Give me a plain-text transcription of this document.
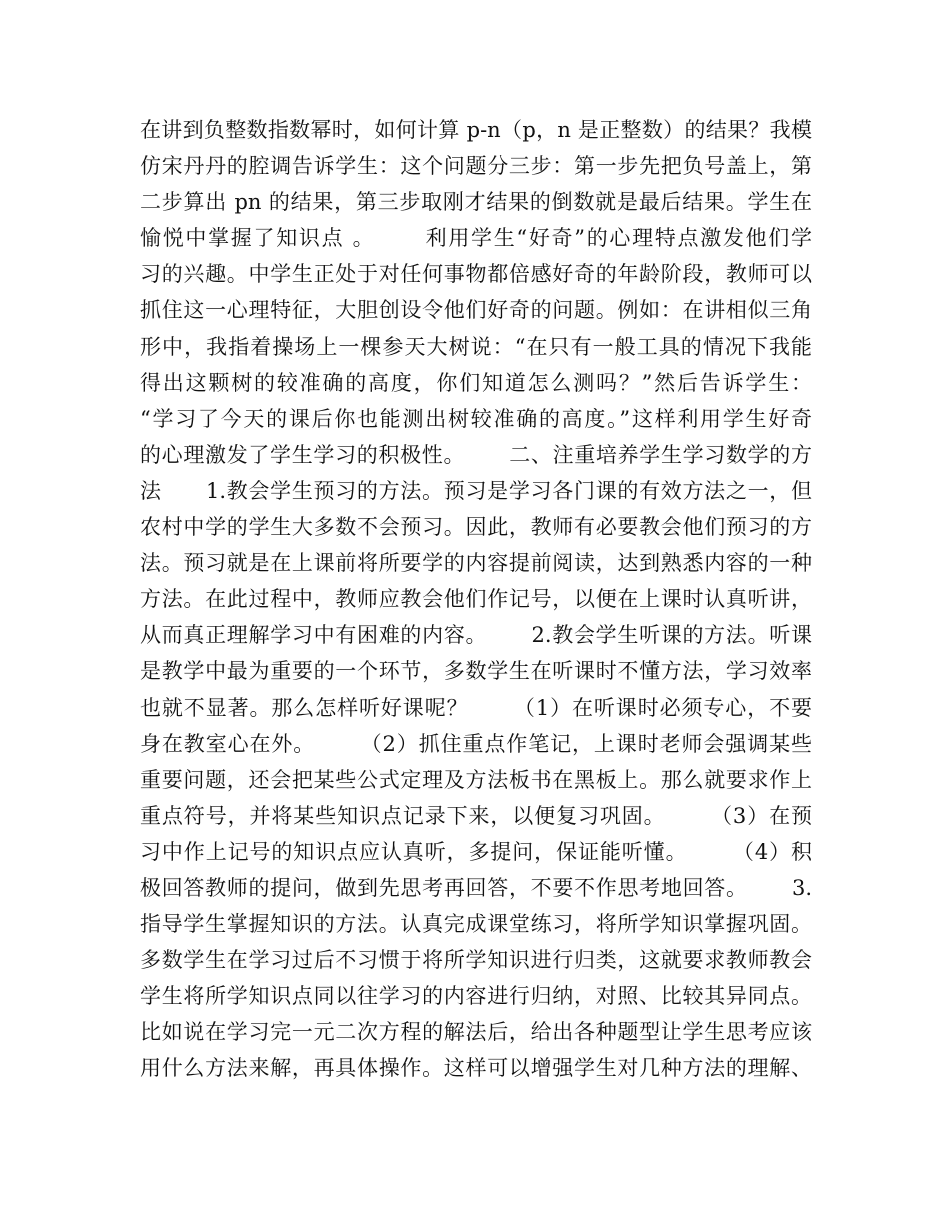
在讲到负整数指数幂时，如何计算 p-n（p，n 是正整数）的结果？我模
仿宋丹丹的腔调告诉学生：这个问题分三步：第一步先把负号盖上，第
二步算出 pn 的结果，第三步取刚才结果的倒数就是最后结果。学生在
愉悦中掌握了知识点 。      利用学生“好奇”的心理特点激发他们学
习的兴趣。中学生正处于对任何事物都倍感好奇的年龄阶段，教师可以
抓住这一心理特征，大胆创设令他们好奇的问题。例如：在讲相似三角
形中，我指着操场上一棵参天大树说：“在只有一般工具的情况下我能
得出这颗树的较准确的高度，你们知道怎么测吗？”然后告诉学生：
“学习了今天的课后你也能测出树较准确的高度。”这样利用学生好奇
的心理激发了学生学习的积极性。      二、注重培养学生学习数学的方
法      1.教会学生预习的方法。预习是学习各门课的有效方法之一，但
农村中学的学生大多数不会预习。因此，教师有必要教会他们预习的方
法。预习就是在上课前将所要学的内容提前阅读，达到熟悉内容的一种
方法。在此过程中，教师应教会他们作记号，以便在上课时认真听讲，
从而真正理解学习中有困难的内容。      2.教会学生听课的方法。听课
是教学中最为重要的一个环节，多数学生在听课时不懂方法，学习效率
也就不显著。那么怎样听好课呢？      （1）在听课时必须专心，不要
身在教室心在外。      （2）抓住重点作笔记，上课时老师会强调某些
重要问题，还会把某些公式定理及方法板书在黑板上。那么就要求作上
重点符号，并将某些知识点记录下来，以便复习巩固。      （3）在预
习中作上记号的知识点应认真听，多提问，保证能听懂。      （4）积
极回答教师的提问，做到先思考再回答，不要不作思考地回答。      3.
指导学生掌握知识的方法。认真完成课堂练习，将所学知识掌握巩固。
多数学生在学习过后不习惯于将所学知识进行归类，这就要求教师教会
学生将所学知识点同以往学习的内容进行归纳，对照、比较其异同点。
比如说在学习完一元二次方程的解法后，给出各种题型让学生思考应该
用什么方法来解，再具体操作。这样可以增强学生对几种方法的理解、
